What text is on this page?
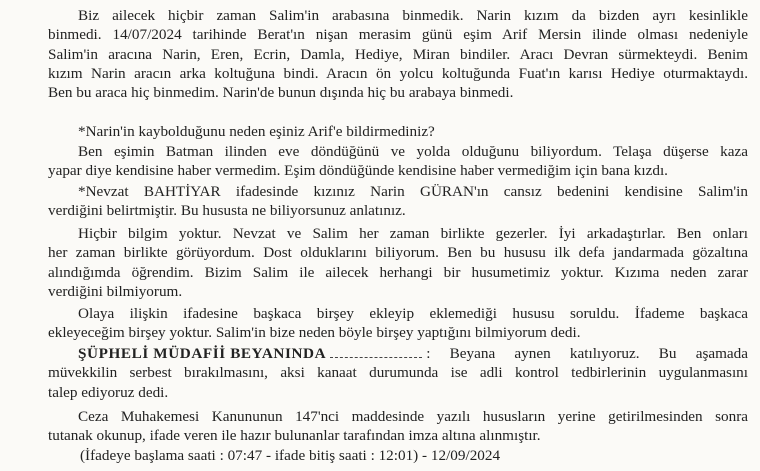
Biz ailecek hiçbir zaman Salim'in arabasına binmedik. Narin kızım da bizden ayrı kesinlikle
binmedi. 14/07/2024 tarihinde Berat'ın nişan merasim günü eşim Arif Mersin ilinde olması nedeniyle
Salim'in aracına Narin, Eren, Ecrin, Damla, Hediye, Miran bindiler. Aracı Devran sürmekteydi. Benim
kızım Narin aracın arka koltuğuna bindi. Aracın ön yolcu koltuğunda Fuat'ın karısı Hediye oturmaktaydı.
Ben bu araca hiç binmedim. Narin'de bunun dışında hiç bu arabaya binmedi.
*Narin'in kaybolduğunu neden eşiniz Arif'e bildirmediniz?
Ben eşimin Batman ilinden eve döndüğünü ve yolda olduğunu biliyordum. Telaşa düşerse kaza
yapar diye kendisine haber vermedim. Eşim döndüğünde kendisine haber vermediğim için bana kızdı.
*Nevzat BAHTİYAR ifadesinde kızınız Narin GÜRAN'ın cansız bedenini kendisine Salim'in
verdiğini belirtmiştir. Bu hususta ne biliyorsunuz anlatınız.
Hiçbir bilgim yoktur. Nevzat ve Salim her zaman birlikte gezerler. İyi arkadaştırlar. Ben onları
her zaman birlikte görüyordum. Dost olduklarını biliyorum. Ben bu hususu ilk defa jandarmada gözaltına
alındığımda öğrendim. Bizim Salim ile ailecek herhangi bir husumetimiz yoktur. Kızıma neden zarar
verdiğini bilmiyorum.
Olaya ilişkin ifadesine başkaca birşey ekleyip eklemediği hususu soruldu. İfademe başkaca
ekleyeceğim birşey yoktur. Salim'in bize neden böyle birşey yaptığını bilmiyorum dedi.
ŞÜPHELİ MÜDAFİİ BEYANINDA	: Beyana aynen katılıyoruz. Bu aşamada
müvekkilin serbest bırakılmasını, aksi kanaat durumunda ise adli kontrol tedbirlerinin uygulanmasını
talep ediyoruz dedi.
Ceza Muhakemesi Kanununun 147'nci maddesinde yazılı hususların yerine getirilmesinden sonra
tutanak okunup, ifade veren ile hazır bulunanlar tarafından imza altına alınmıştır.
(İfadeye başlama saati : 07:47 - ifade bitiş saati : 12:01) - 12/09/2024
